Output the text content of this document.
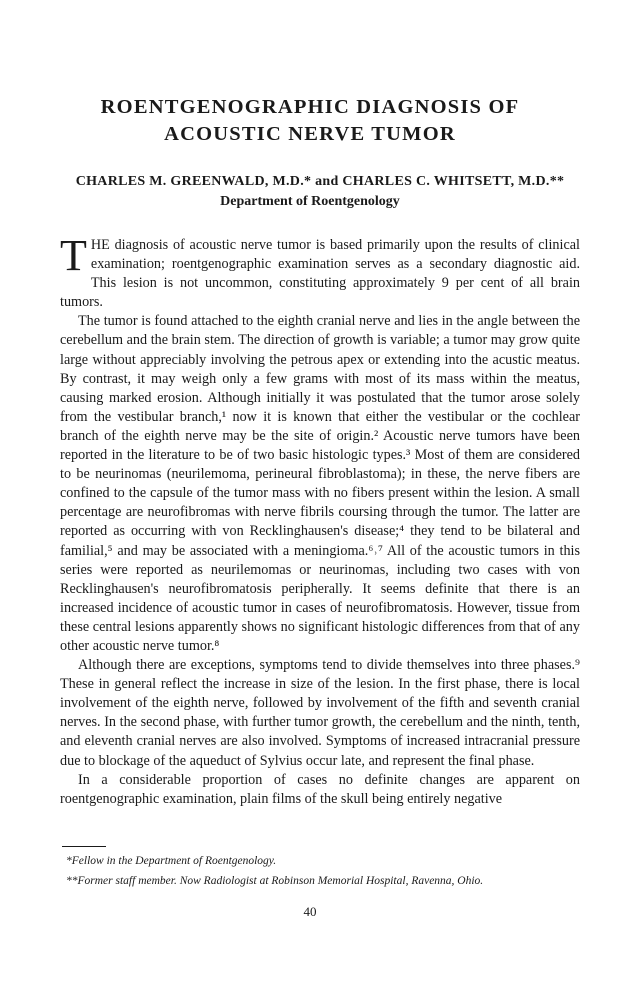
ROENTGENOGRAPHIC DIAGNOSIS OF
ACOUSTIC NERVE TUMOR
CHARLES M. GREENWALD, M.D.* and CHARLES C. WHITSETT, M.D.**
Department of Roentgenology

THE diagnosis of acoustic nerve tumor is based primarily upon the results of clinical examination; roentgenographic examination serves as a secondary diagnostic aid. This lesion is not uncommon, constituting approximately 9 per cent of all brain tumors.

The tumor is found attached to the eighth cranial nerve and lies in the angle between the cerebellum and the brain stem. The direction of growth is variable; a tumor may grow quite large without appreciably involving the petrous apex or extending into the acustic meatus. By contrast, it may weigh only a few grams with most of its mass within the meatus, causing marked erosion. Although initially it was postulated that the tumor arose solely from the vestibular branch,¹ now it is known that either the vestibular or the cochlear branch of the eighth nerve may be the site of origin.² Acoustic nerve tumors have been reported in the literature to be of two basic histologic types.³ Most of them are considered to be neurinomas (neurilemoma, perineural fibroblastoma); in these, the nerve fibers are confined to the capsule of the tumor mass with no fibers present within the lesion. A small percentage are neurofibromas with nerve fibrils coursing through the tumor. The latter are reported as occurring with von Recklinghausen's disease;⁴ they tend to be bilateral and familial,⁵ and may be associated with a meningioma.⁶˒⁷ All of the acoustic tumors in this series were reported as neurilemomas or neurinomas, including two cases with von Recklinghausen's neurofibromatosis peripherally. It seems definite that there is an increased incidence of acoustic tumor in cases of neurofibromatosis. However, tissue from these central lesions apparently shows no significant histologic differences from that of any other acoustic nerve tumor.⁸

Although there are exceptions, symptoms tend to divide themselves into three phases.⁹ These in general reflect the increase in size of the lesion. In the first phase, there is local involvement of the eighth nerve, followed by involvement of the fifth and seventh cranial nerves. In the second phase, with further tumor growth, the cerebellum and the ninth, tenth, and eleventh cranial nerves are also involved. Symptoms of increased intracranial pressure due to blockage of the aqueduct of Sylvius occur late, and represent the final phase.

In a considerable proportion of cases no definite changes are apparent on roentgenographic examination, plain films of the skull being entirely negative

*Fellow in the Department of Roentgenology.
**Former staff member. Now Radiologist at Robinson Memorial Hospital, Ravenna, Ohio.
40
